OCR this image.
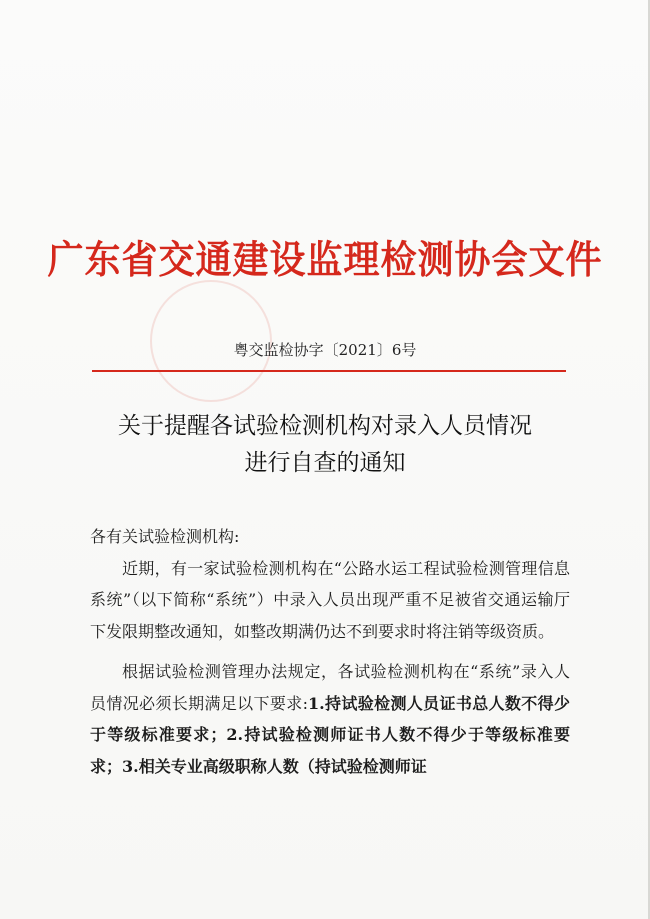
广东省交通建设监理检测协会文件
粤交监检协字〔2021〕6号
关于提醒各试验检测机构对录入人员情况
进行自查的通知

各有关试验检测机构:

近期，有一家试验检测机构在“公路水运工程试验检测管理信息系统”（以下简称“系统”）中录入人员出现严重不足被省交通运输厅下发限期整改通知，如整改期满仍达不到要求时将注销等级资质。

根据试验检测管理办法规定，各试验检测机构在“系统”录入人员情况必须长期满足以下要求:1.持试验检测人员证书总人数不得少于等级标准要求；2.持试验检测师证书人数不得少于等级标准要求；3.相关专业高级职称人数（持试验检测师证
